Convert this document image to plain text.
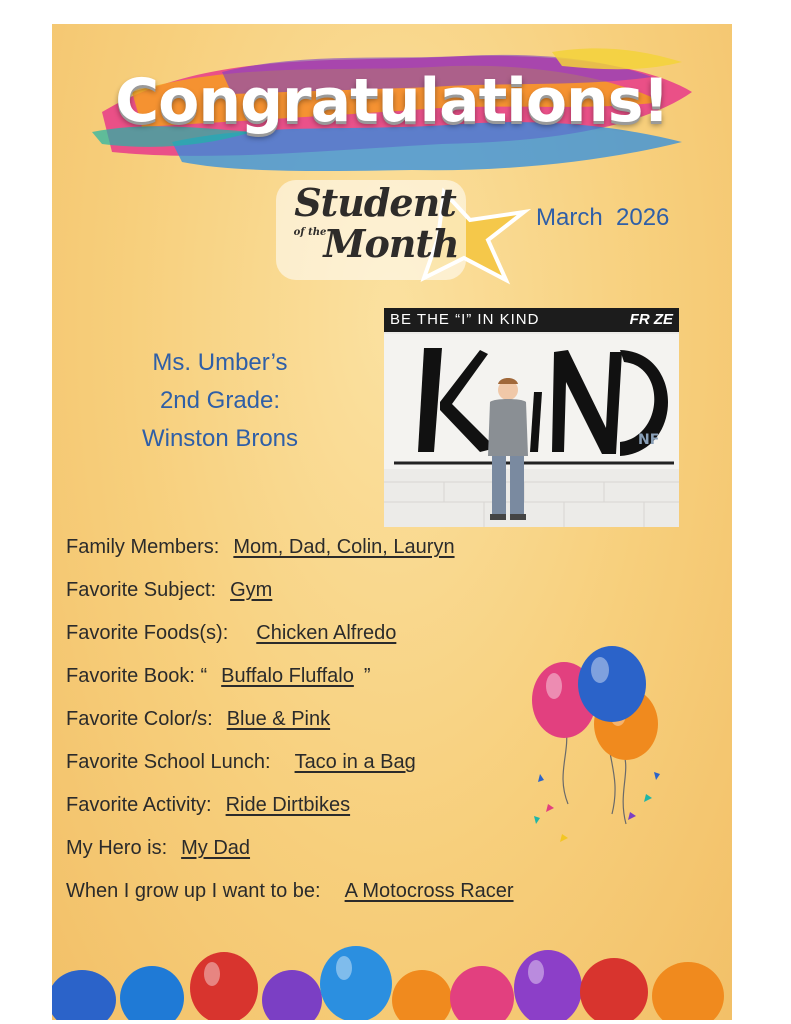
Congratulations!
Student
of the
Month
March  2026
Ms. Umber’s
2nd Grade:
Winston Brons
BE THE “I” IN KIND	FR ZE
NF
Family Members: Mom, Dad, Colin, Lauryn
Favorite Subject: Gym
Favorite Foods(s): Chicken Alfredo
Favorite Book: “ Buffalo Fluffalo ”
Favorite Color/s: Blue & Pink
Favorite School Lunch: Taco in a Bag
Favorite Activity: Ride Dirtbikes
My Hero is: My Dad
When I grow up I want to be: A Motocross Racer
